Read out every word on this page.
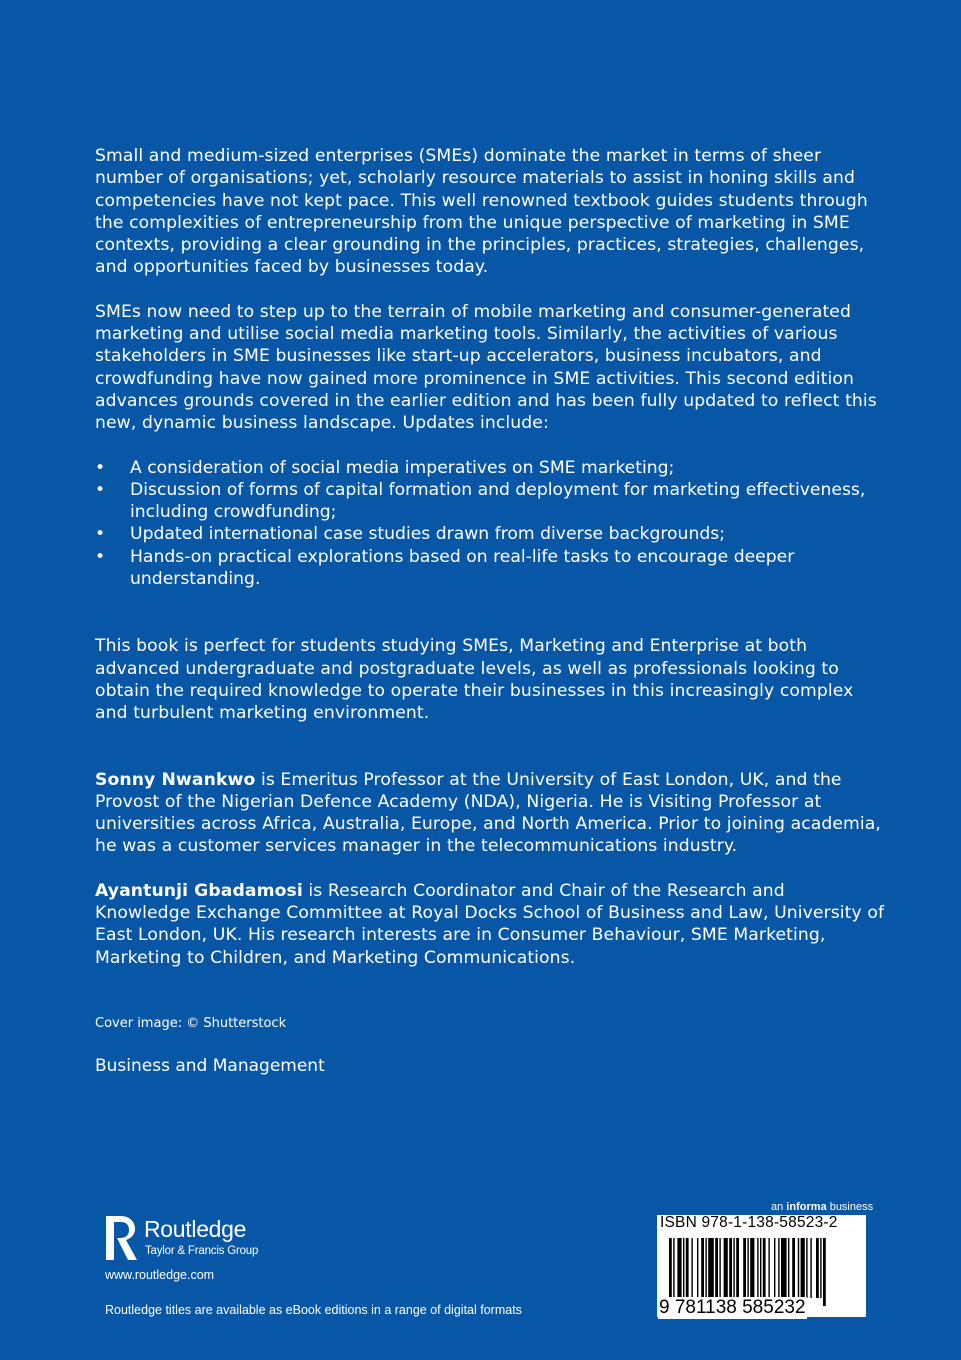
Small and medium-sized enterprises (SMEs) dominate the market in terms of sheer number of organisations; yet, scholarly resource materials to assist in honing skills and competencies have not kept pace. This well renowned textbook guides students through the complexities of entrepreneurship from the unique perspective of marketing in SME contexts, providing a clear grounding in the principles, practices, strategies, challenges, and opportunities faced by businesses today.

SMEs now need to step up to the terrain of mobile marketing and consumer-generated marketing and utilise social media marketing tools. Similarly, the activities of various stakeholders in SME businesses like start-up accelerators, business incubators, and crowdfunding have now gained more prominence in SME activities. This second edition advances grounds covered in the earlier edition and has been fully updated to reflect this new, dynamic business landscape. Updates include:

• A consideration of social media imperatives on SME marketing;
• Discussion of forms of capital formation and deployment for marketing effectiveness, including crowdfunding;
• Updated international case studies drawn from diverse backgrounds;
• Hands-on practical explorations based on real-life tasks to encourage deeper understanding.

This book is perfect for students studying SMEs, Marketing and Enterprise at both advanced undergraduate and postgraduate levels, as well as professionals looking to obtain the required knowledge to operate their businesses in this increasingly complex and turbulent marketing environment.

Sonny Nwankwo is Emeritus Professor at the University of East London, UK, and the Provost of the Nigerian Defence Academy (NDA), Nigeria. He is Visiting Professor at universities across Africa, Australia, Europe, and North America. Prior to joining academia, he was a customer services manager in the telecommunications industry.

Ayantunji Gbadamosi is Research Coordinator and Chair of the Research and Knowledge Exchange Committee at Royal Docks School of Business and Law, University of East London, UK. His research interests are in Consumer Behaviour, SME Marketing, Marketing to Children, and Marketing Communications.

Cover image: © Shutterstock
Business and Management
Routledge
Taylor & Francis Group
www.routledge.com
Routledge titles are available as eBook editions in a range of digital formats
an informa business
ISBN 978-1-138-58523-2
9 781138 585232
